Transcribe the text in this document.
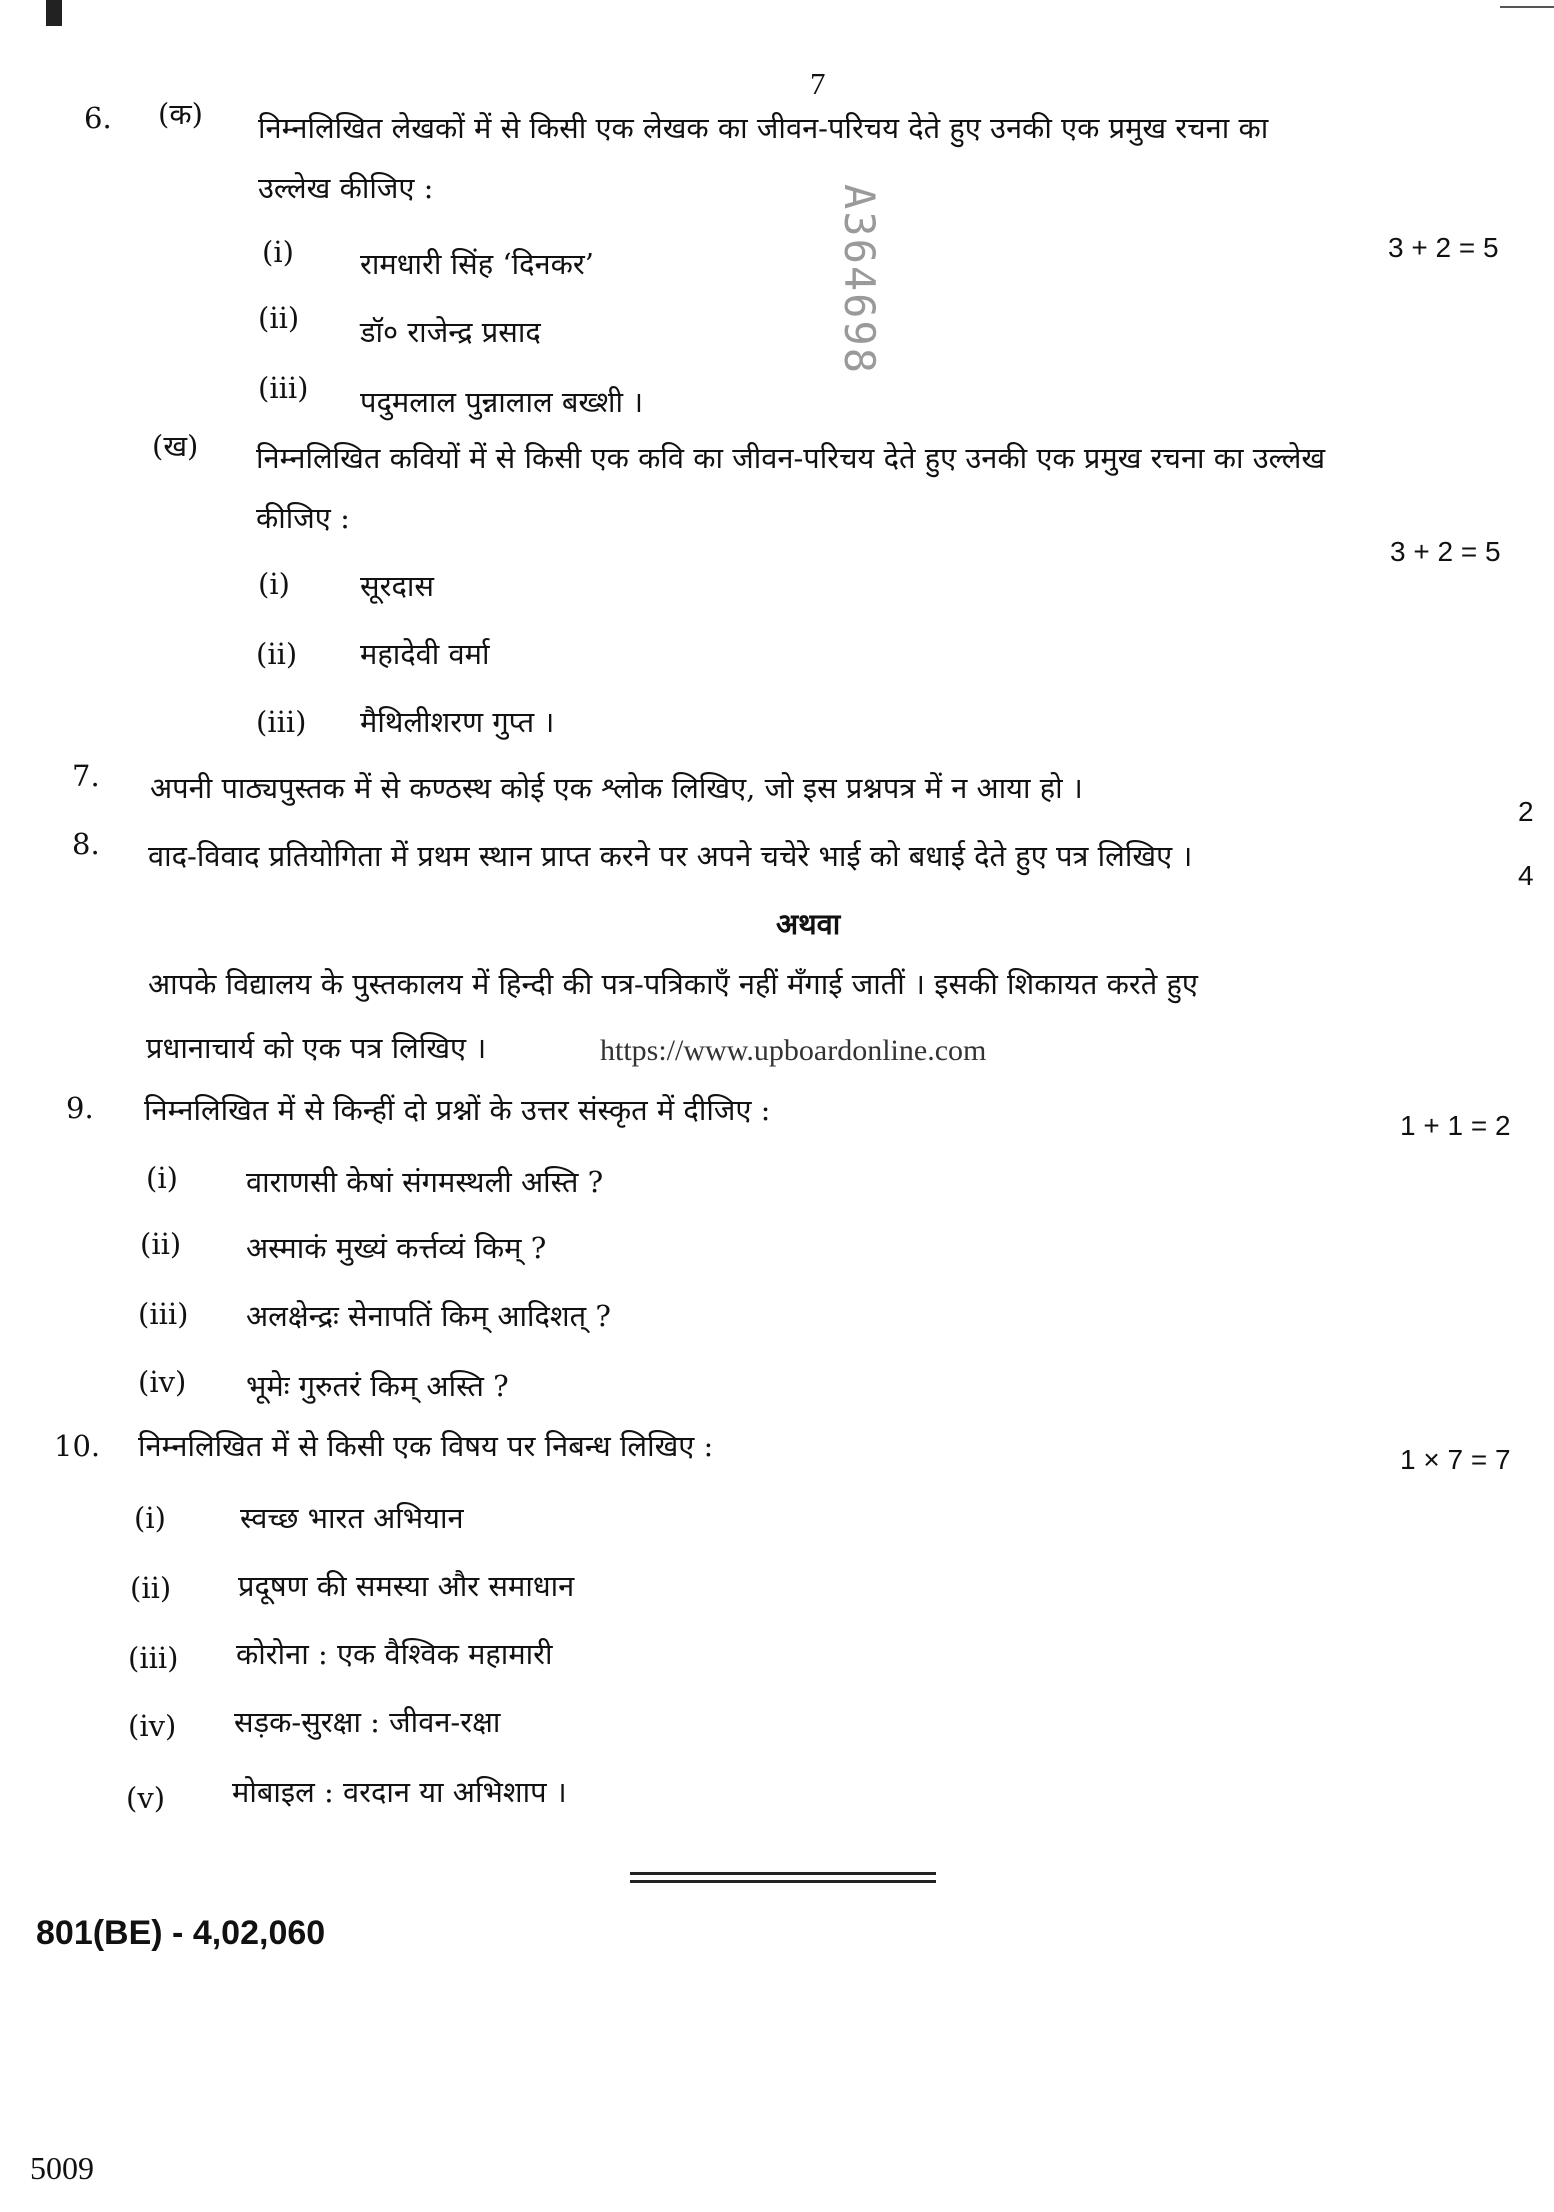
7
A364698
6. (क) निम्नलिखित लेखकों में से किसी एक लेखक का जीवन-परिचय देते हुए उनकी एक प्रमुख रचना का
उल्लेख कीजिए :
3 + 2 = 5
(i) रामधारी सिंह ‘दिनकर’
(ii) डॉ० राजेन्द्र प्रसाद
(iii) पदुमलाल पुन्नालाल बख्शी ।
(ख) निम्नलिखित कवियों में से किसी एक कवि का जीवन-परिचय देते हुए उनकी एक प्रमुख रचना का उल्लेख
कीजिए :
3 + 2 = 5
(i) सूरदास
(ii) महादेवी वर्मा
(iii) मैथिलीशरण गुप्त ।
7. अपनी पाठ्यपुस्तक में से कण्ठस्थ कोई एक श्लोक लिखिए, जो इस प्रश्नपत्र में न आया हो ।
2
8. वाद-विवाद प्रतियोगिता में प्रथम स्थान प्राप्त करने पर अपने चचेरे भाई को बधाई देते हुए पत्र लिखिए ।
4
अथवा
आपके विद्यालय के पुस्तकालय में हिन्दी की पत्र-पत्रिकाएँ नहीं मँगाई जातीं । इसकी शिकायत करते हुए
प्रधानाचार्य को एक पत्र लिखिए ।	https://www.upboardonline.com
9. निम्नलिखित में से किन्हीं दो प्रश्नों के उत्तर संस्कृत में दीजिए :	1 + 1 = 2
(i) वाराणसी केषां संगमस्थली अस्ति ?
(ii) अस्माकं मुख्यं कर्त्तव्यं किम् ?
(iii) अलक्षेन्द्रः सेनापतिं किम् आदिशत् ?
(iv) भूमेः गुरुतरं किम् अस्ति ?
10. निम्नलिखित में से किसी एक विषय पर निबन्ध लिखिए :	1 × 7 = 7
(i)	स्वच्छ भारत अभियान
(ii) प्रदूषण की समस्या और समाधान
(iii) कोरोना : एक वैश्विक महामारी
(iv) सड़क-सुरक्षा : जीवन-रक्षा
(v) मोबाइल : वरदान या अभिशाप ।
801(BE) - 4,02,060
5009
